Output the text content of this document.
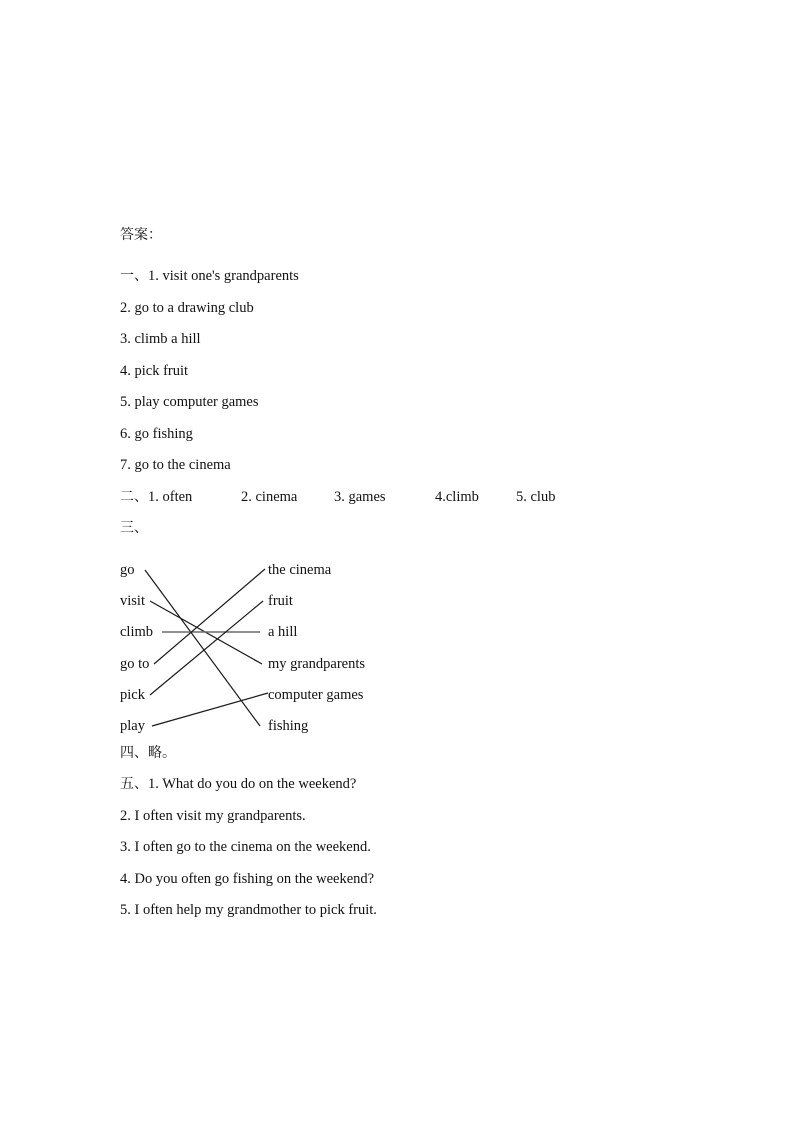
答案：
一、1. visit one's grandparents
2. go to a drawing club
3. climb a hill
4. pick fruit
5. play computer games
6. go fishing
7. go to the cinema
二、1. often	2. cinema	3. games	4.climb	5. club
三、
go
visit
climb
go to
pick
play
the cinema
fruit
a hill
my grandparents
computer games
fishing
四、略。
五、1. What do you do on the weekend?
2. I often visit my grandparents.
3. I often go to the cinema on the weekend.
4. Do you often go fishing on the weekend?
5. I often help my grandmother to pick fruit.
